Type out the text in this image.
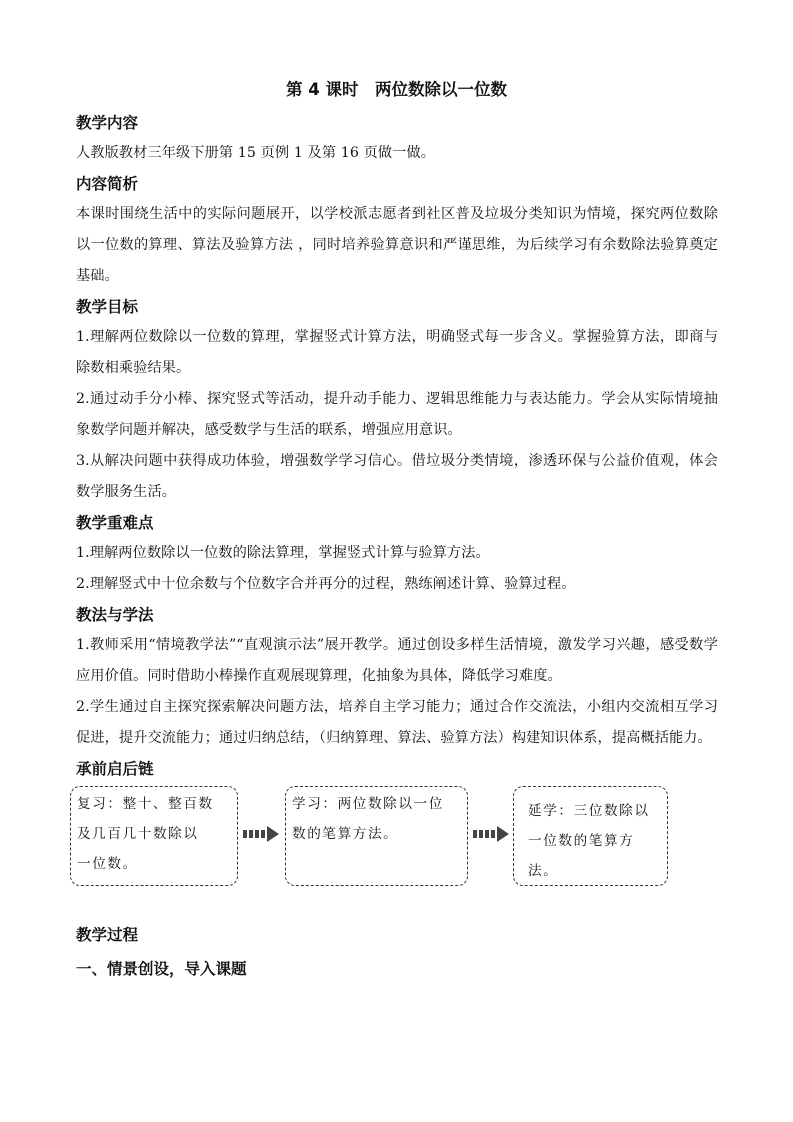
第 4 课时　两位数除以一位数
教学内容
人教版教材三年级下册第 15 页例 1 及第 16 页做一做。
内容简析
本课时围绕生活中的实际问题展开，以学校派志愿者到社区普及垃圾分类知识为情境，探究两位数除以一位数的算理、算法及验算方法 ，同时培养验算意识和严谨思维，为后续学习有余数除法验算奠定基础。
教学目标
1.理解两位数除以一位数的算理，掌握竖式计算方法，明确竖式每一步含义。掌握验算方法，即商与除数相乘验结果。
2.通过动手分小棒、探究竖式等活动，提升动手能力、逻辑思维能力与表达能力。学会从实际情境抽象数学问题并解决，感受数学与生活的联系，增强应用意识。
3.从解决问题中获得成功体验，增强数学学习信心。借垃圾分类情境，渗透环保与公益价值观，体会数学服务生活。
教学重难点
1.理解两位数除以一位数的除法算理，掌握竖式计算与验算方法。
2.理解竖式中十位余数与个位数字合并再分的过程，熟练阐述计算、验算过程。
教法与学法
1.教师采用“情境教学法”“直观演示法”展开教学。通过创设多样生活情境，激发学习兴趣，感受数学应用价值。同时借助小棒操作直观展现算理，化抽象为具体，降低学习难度。
2.学生通过自主探究探索解决问题方法，培养自主学习能力；通过合作交流法，小组内交流相互学习促进，提升交流能力；通过归纳总结，（归纳算理、算法、验算方法）构建知识体系，提高概括能力。
承前启后链
复习：整十、整百数
及几百几十数除以
一位数。
学习：两位数除以一位
数的笔算方法。
延学：三位数除以
一位数的笔算方
法。
教学过程
一、情景创设，导入课题
